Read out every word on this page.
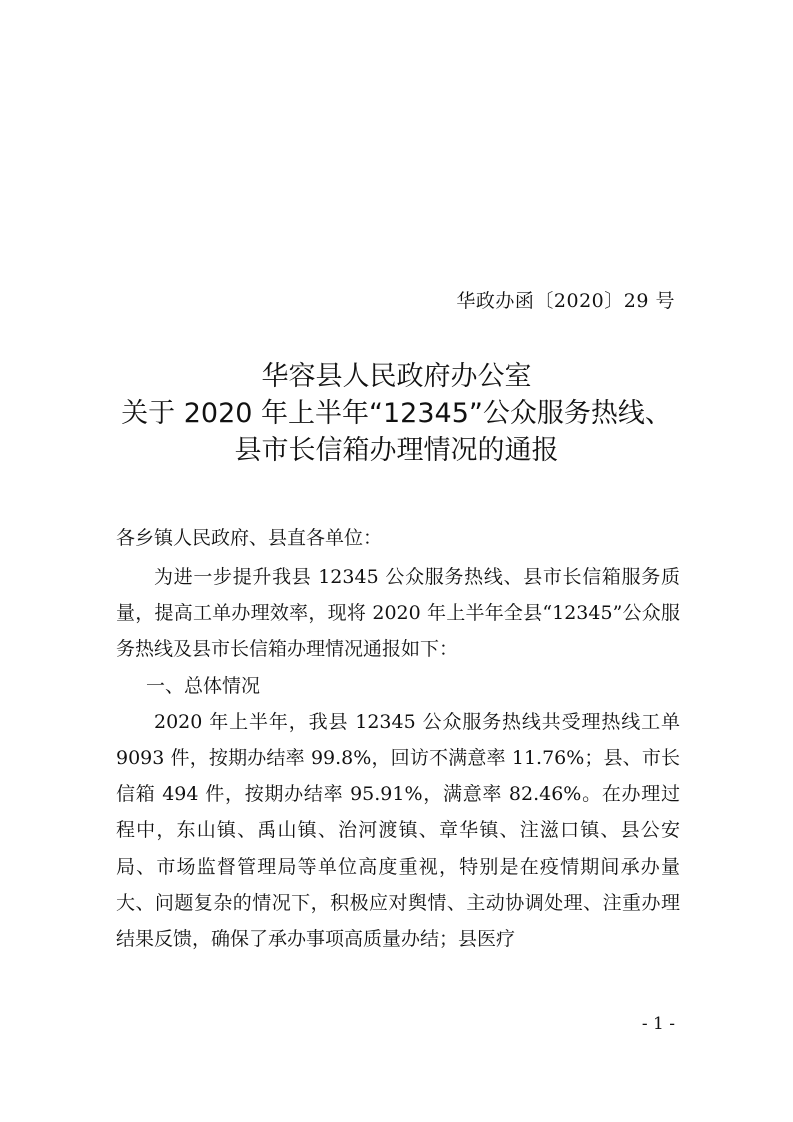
华政办函〔2020〕29 号
华容县人民政府办公室
关于 2020 年上半年“12345”公众服务热线、
县市长信箱办理情况的通报
各乡镇人民政府、县直各单位：

为进一步提升我县 12345 公众服务热线、县市长信箱服务质量，提高工单办理效率，现将 2020 年上半年全县“12345”公众服务热线及县市长信箱办理情况通报如下：

一、总体情况

2020 年上半年，我县 12345 公众服务热线共受理热线工单 9093 件，按期办结率 99.8%，回访不满意率 11.76%；县、市长信箱 494 件，按期办结率 95.91%，满意率 82.46%。在办理过程中，东山镇、禹山镇、治河渡镇、章华镇、注滋口镇、县公安局、市场监督管理局等单位高度重视，特别是在疫情期间承办量大、问题复杂的情况下，积极应对舆情、主动协调处理、注重办理结果反馈，确保了承办事项高质量办结；县医疗

- 1 -
